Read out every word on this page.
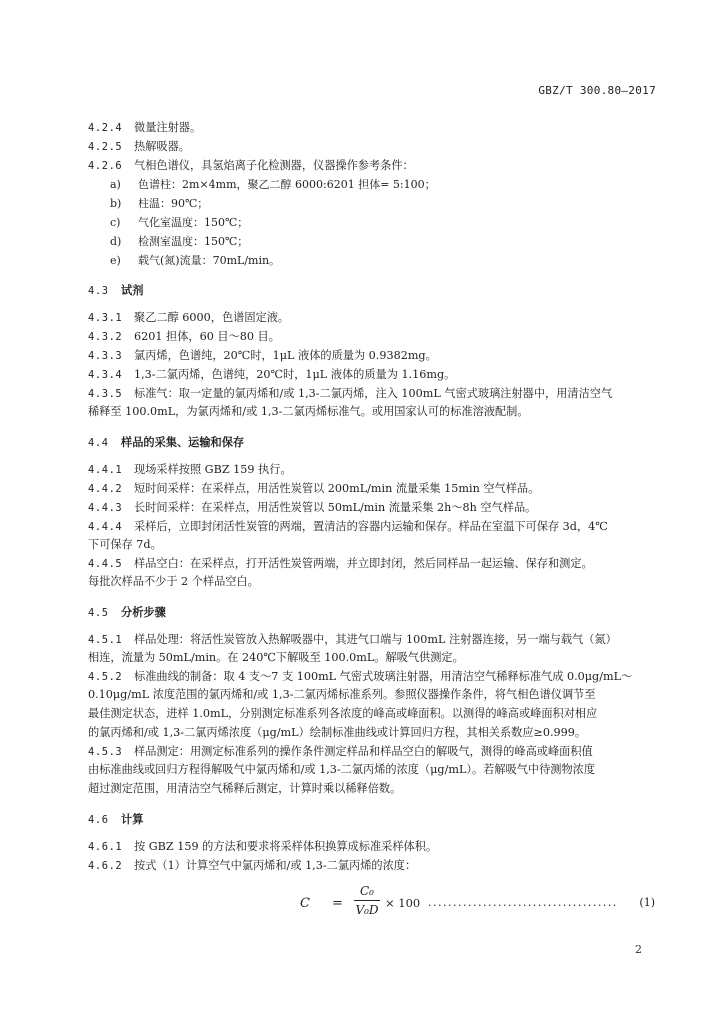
GBZ/T 300.80—2017
4.2.4 微量注射器。
4.2.5 热解吸器。
4.2.6 气相色谱仪，具氢焰离子化检测器，仪器操作参考条件：
a) 色谱柱：2m×4mm，聚乙二醇 6000:6201 担体= 5:100；
b) 柱温：90℃；
c) 气化室温度：150℃；
d) 检测室温度：150℃；
e) 载气(氮)流量：70mL/min。
4.3 试剂
4.3.1 聚乙二醇 6000，色谱固定液。
4.3.2 6201 担体，60 目～80 目。
4.3.3 氯丙烯，色谱纯，20℃时，1μL 液体的质量为 0.9382mg。
4.3.4 1,3-二氯丙烯，色谱纯，20℃时，1μL 液体的质量为 1.16mg。
4.3.5 标准气：取一定量的氯丙烯和/或 1,3-二氯丙烯，注入 100mL 气密式玻璃注射器中，用清洁空气
稀释至 100.0mL，为氯丙烯和/或 1,3-二氯丙烯标准气。或用国家认可的标准溶液配制。
4.4 样品的采集、运输和保存
4.4.1 现场采样按照 GBZ 159 执行。
4.4.2 短时间采样：在采样点，用活性炭管以 200mL/min 流量采集 15min 空气样品。
4.4.3 长时间采样：在采样点，用活性炭管以 50mL/min 流量采集 2h～8h 空气样品。
4.4.4 采样后，立即封闭活性炭管的两端，置清洁的容器内运输和保存。样品在室温下可保存 3d，4℃
下可保存 7d。
4.4.5 样品空白：在采样点，打开活性炭管两端，并立即封闭，然后同样品一起运输、保存和测定。
每批次样品不少于 2 个样品空白。
4.5 分析步骤
4.5.1 样品处理：将活性炭管放入热解吸器中，其进气口端与 100mL 注射器连接，另一端与载气（氮）
相连，流量为 50mL/min。在 240℃下解吸至 100.0mL。解吸气供测定。
4.5.2 标准曲线的制备：取 4 支～7 支 100mL 气密式玻璃注射器，用清洁空气稀释标准气成 0.0μg/mL～
0.10μg/mL 浓度范围的氯丙烯和/或 1,3-二氯丙烯标准系列。参照仪器操作条件，将气相色谱仪调节至
最佳测定状态，进样 1.0mL，分别测定标准系列各浓度的峰高或峰面积。以测得的峰高或峰面积对相应
的氯丙烯和/或 1,3-二氯丙烯浓度（μg/mL）绘制标准曲线或计算回归方程，其相关系数应≥0.999。
4.5.3 样品测定：用测定标准系列的操作条件测定样品和样品空白的解吸气，测得的峰高或峰面积值
由标准曲线或回归方程得解吸气中氯丙烯和/或 1,3-二氯丙烯的浓度（μg/mL）。若解吸气中待测物浓度
超过测定范围，用清洁空气稀释后测定，计算时乘以稀释倍数。
4.6 计算
4.6.1 按 GBZ 159 的方法和要求将采样体积换算成标准采样体积。
4.6.2 按式（1）计算空气中氯丙烯和/或 1,3-二氯丙烯的浓度：
C =
C₀
V₀D × 100 ......................................	(1)
2
